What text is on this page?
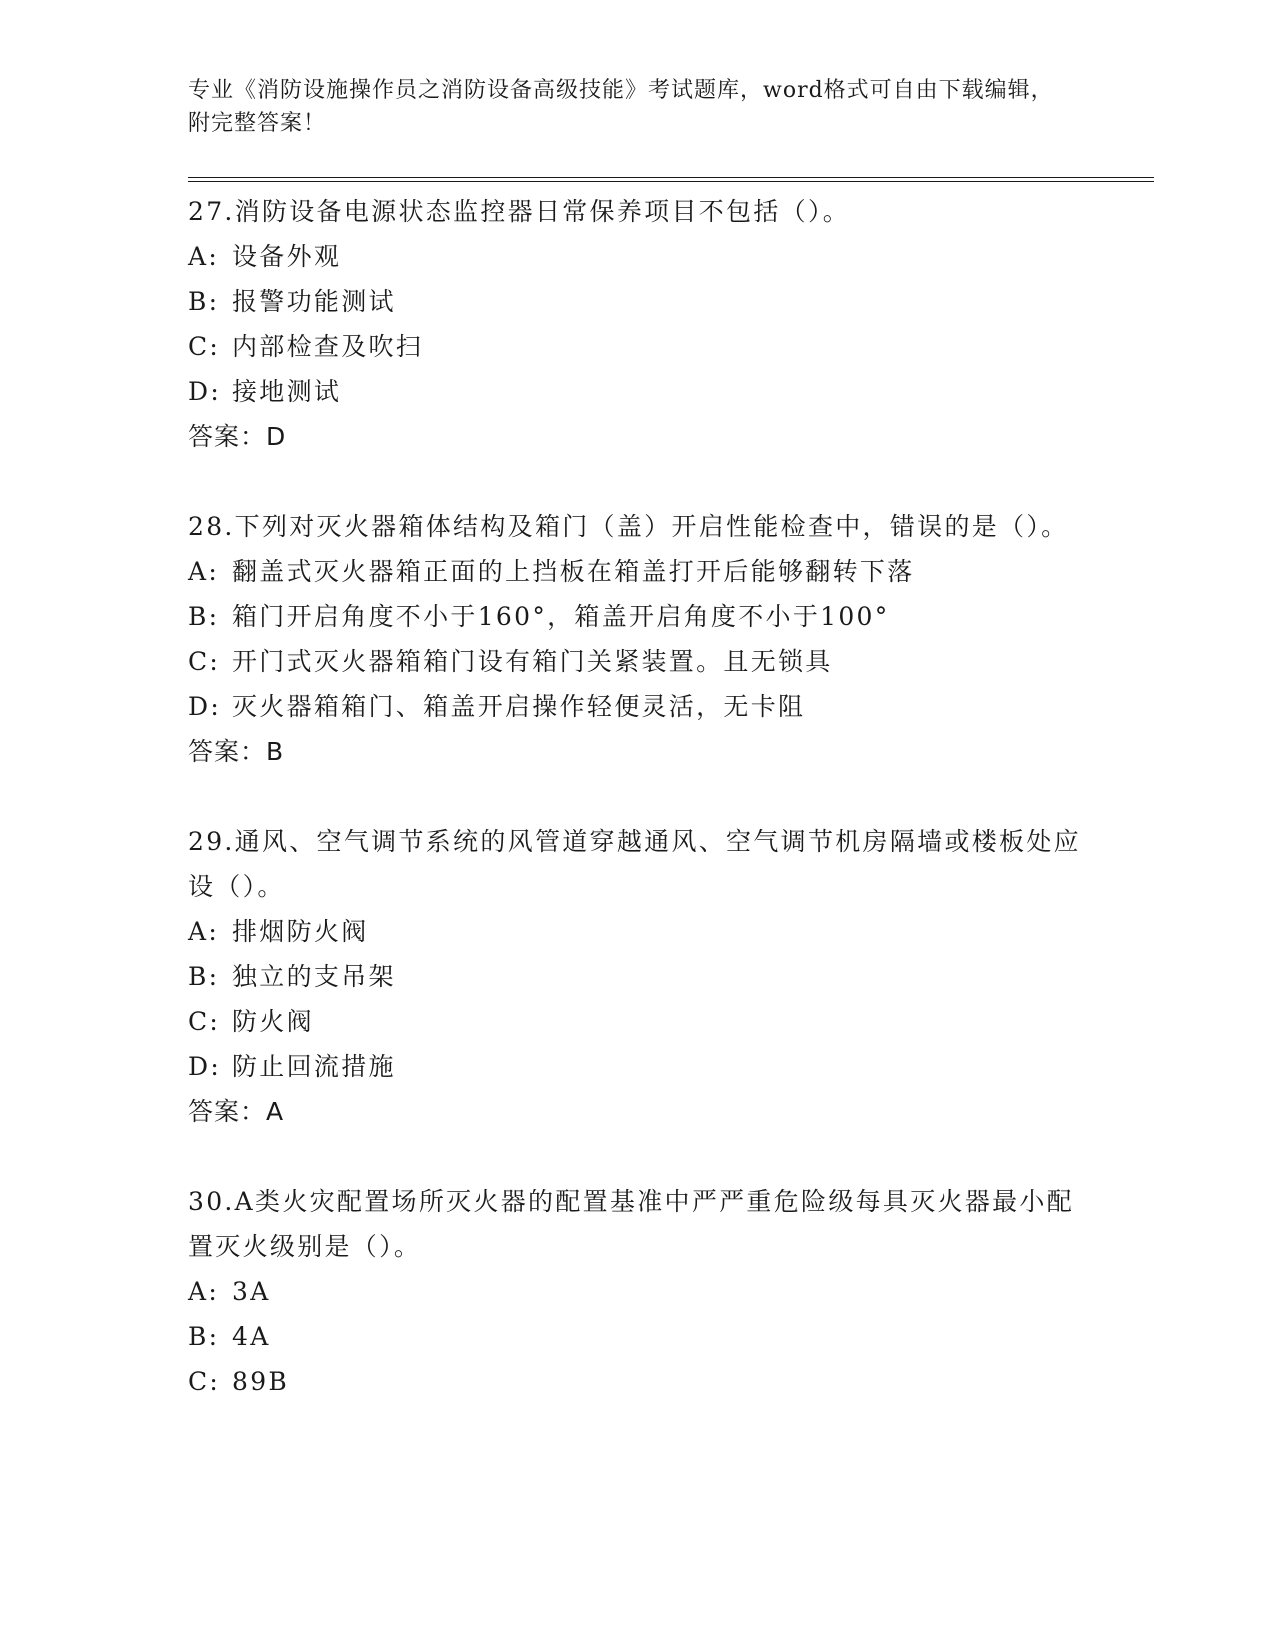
专业《消防设施操作员之消防设备高级技能》考试题库，word格式可自由下载编辑，附完整答案！
27.消防设备电源状态监控器日常保养项目不包括（）。
A: 设备外观
B: 报警功能测试
C: 内部检查及吹扫
D: 接地测试
答案：D
28.下列对灭火器箱体结构及箱门（盖）开启性能检查中，错误的是（）。
A: 翻盖式灭火器箱正面的上挡板在箱盖打开后能够翻转下落
B: 箱门开启角度不小于160°，箱盖开启角度不小于100°
C: 开门式灭火器箱箱门设有箱门关紧装置。且无锁具
D: 灭火器箱箱门、箱盖开启操作轻便灵活，无卡阻
答案：B
29.通风、空气调节系统的风管道穿越通风、空气调节机房隔墙或楼板处应设（）。
A: 排烟防火阀
B: 独立的支吊架
C: 防火阀
D: 防止回流措施
答案：A
30.A类火灾配置场所灭火器的配置基准中严严重危险级每具灭火器最小配置灭火级别是（）。
A: 3A
B: 4A
C: 89B
